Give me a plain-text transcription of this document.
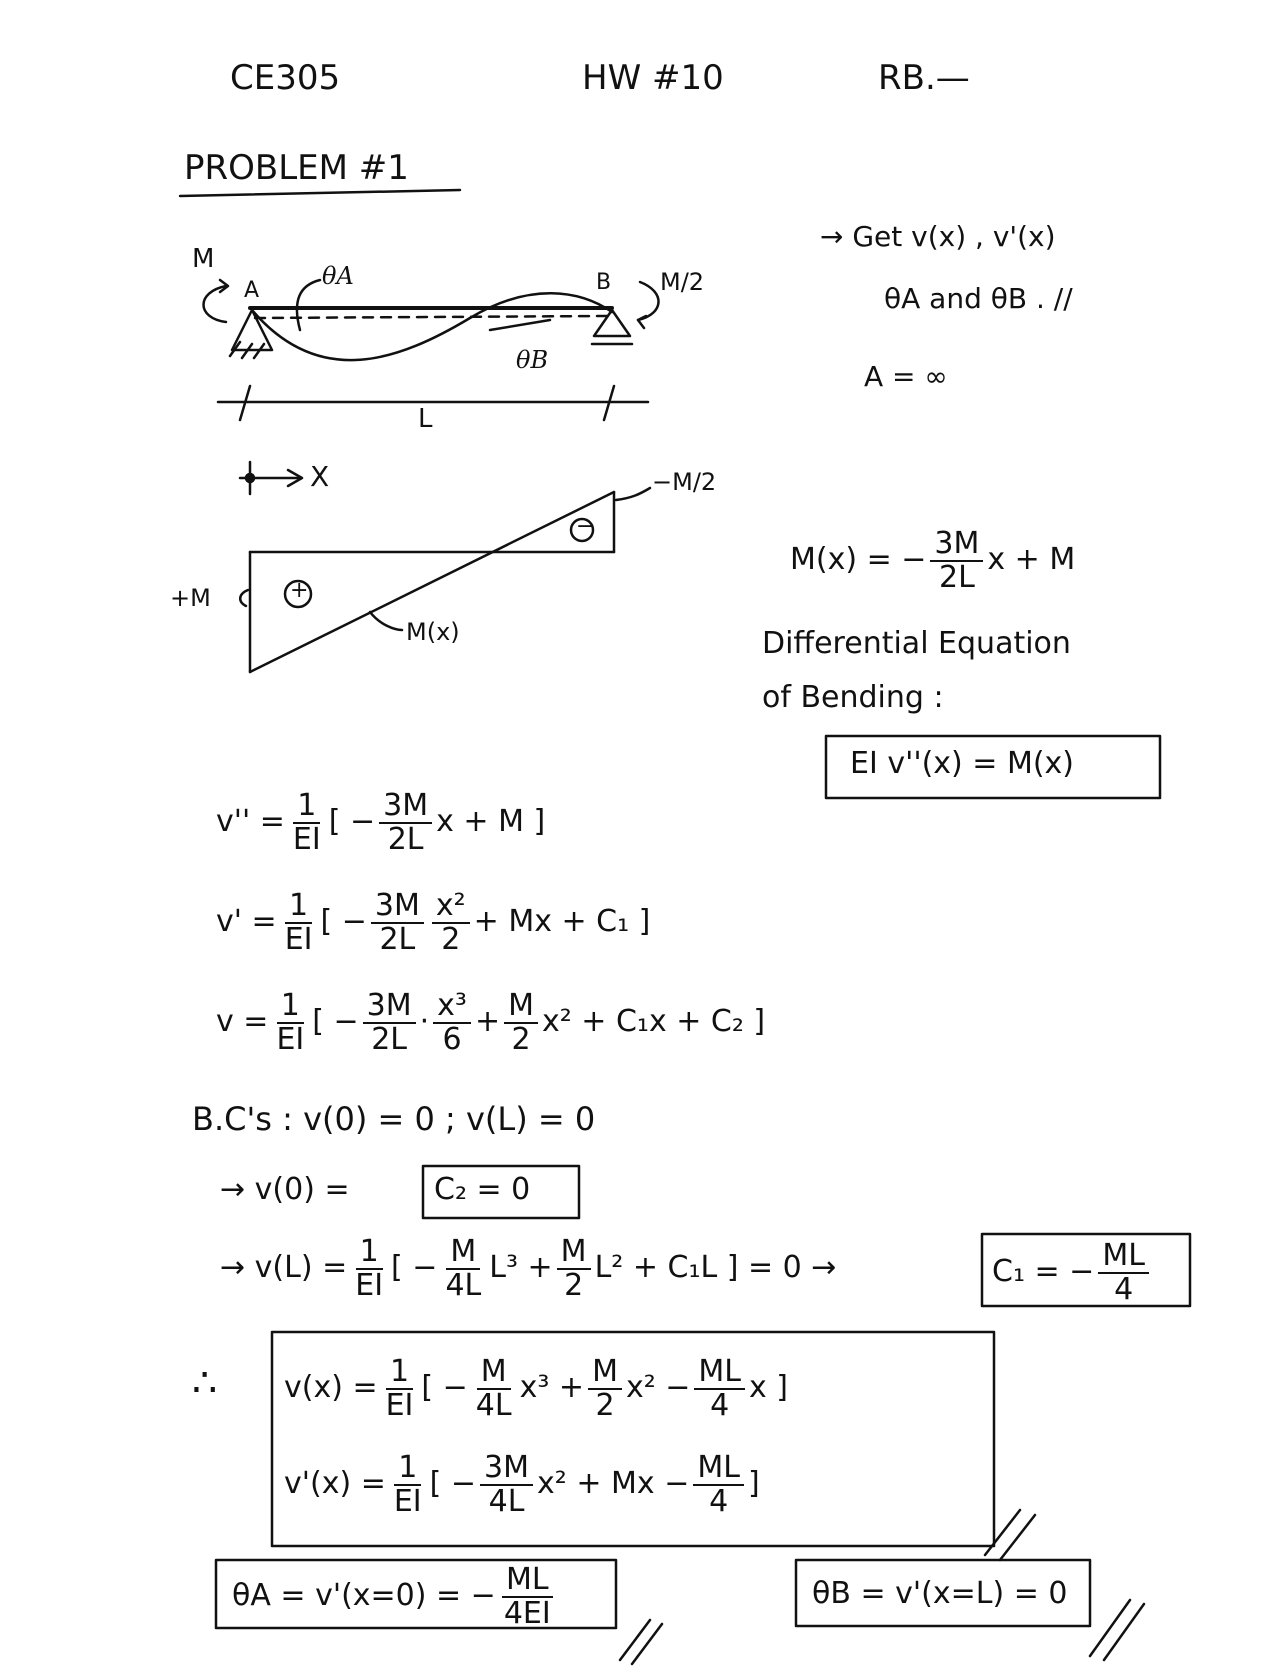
CE305	HW #10	RB.—
PROBLEM #1
M
A
θA	B M/2
θB
L
X	−M/2
+M	+
−
M(x)
→ Get v(x) , v'(x)
θA and θB . //
A = ∞
M(x) = − $\frac{3M}{2L}$ x + M
Differential Equation
of Bending :
EI v''(x) = M(x)
$v'' = \frac{1}{EI}$ [ − $\frac{3M}{2L}$ x + M ]
$v' = \frac{1}{EI}$ [ − $\frac{3M}{2L} \frac{\text{x²}}{2} + Mx + C_1$ ]
$v = \frac{1}{EI}$ [ − $\frac{3M}{2L} \cdot \frac{\text{x³}}{6} + \frac{M}{2} x^2 + C_1x + C_2$ ]
B.C's : v(0) = 0 ; v(L) = 0
→ v(0) =	C₂ = 0
→ $v(L) = \frac{1}{EI}$ [ − $\frac{M}{4L} L^3 + \frac{M}{2} L^2 + C_1L$ ] = 0 →	C₁ = − $\frac{ML}{4}$
∴ $v(x) = \frac{1}{EI}$ [ − $\frac{M}{4L} x^3 + \frac{M}{2} x^2 - \frac{ML}{4}$ x ]
$v'(x) = \frac{1}{EI}$ [ − $\frac{3M}{4L} x^2 + Mx - \frac{ML}{4}$ ]
θA = v'(x=0) = − $\frac{ML}{4EI}$	θB = v'(x=L) = 0
